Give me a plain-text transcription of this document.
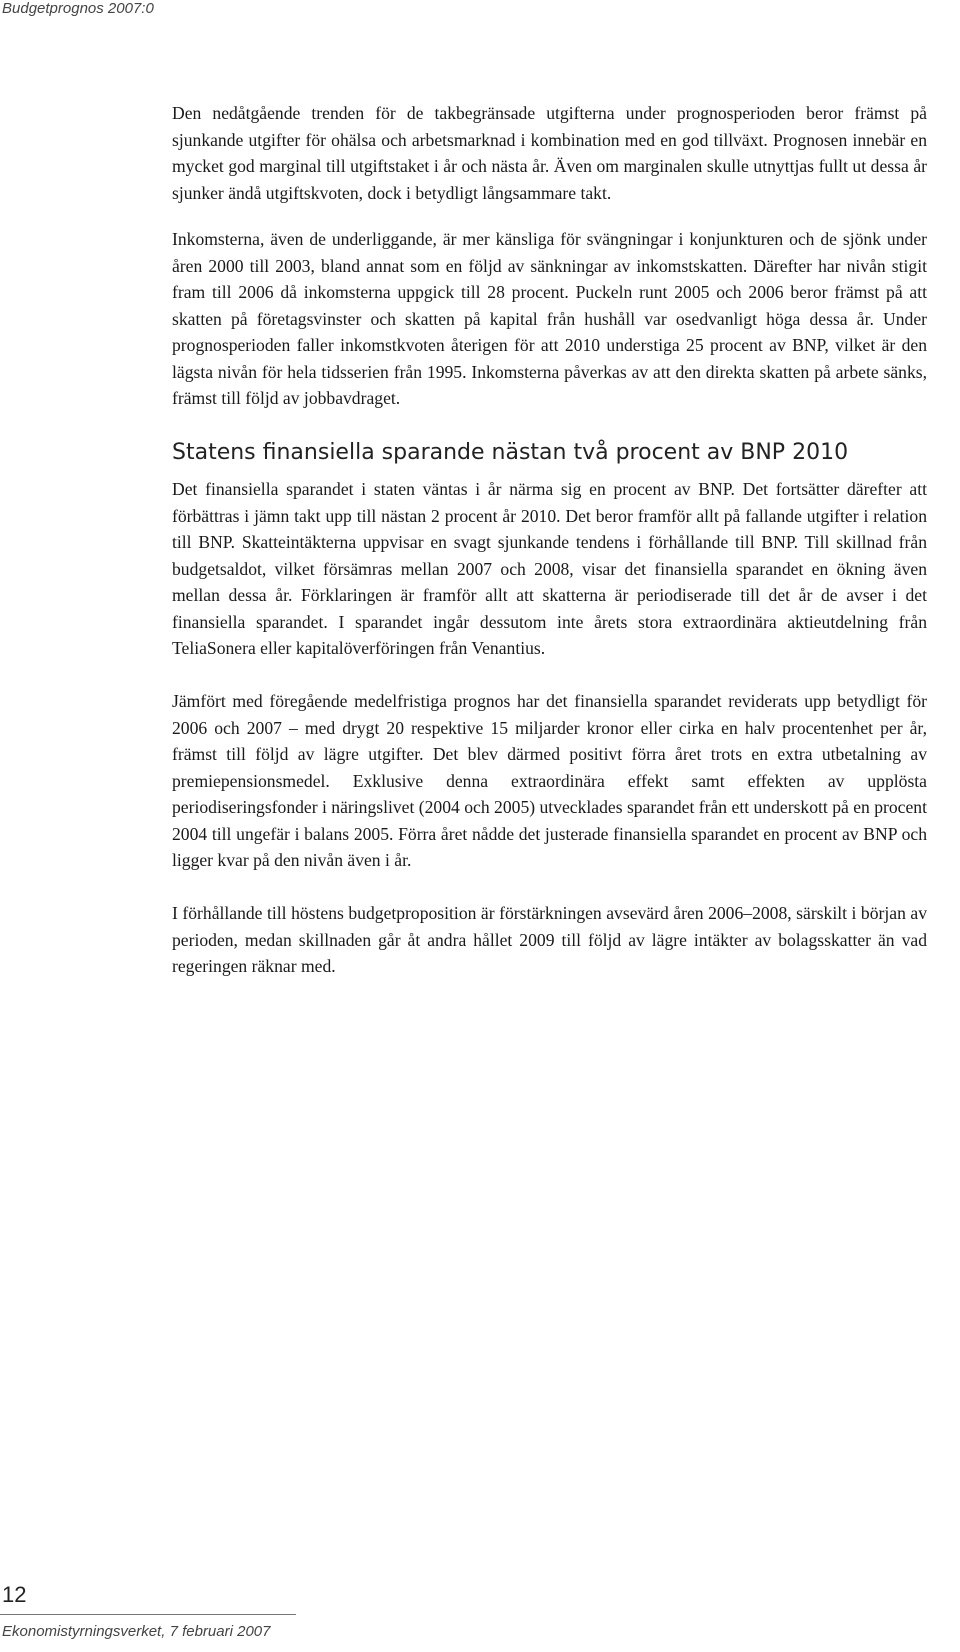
Budgetprognos 2007:0

Den nedåtgående trenden för de takbegränsade utgifterna under prognosperioden beror främst på sjunkande utgifter för ohälsa och arbetsmarknad i kombination med en god tillväxt. Prognosen innebär en mycket god marginal till utgiftstaket i år och nästa år. Även om marginalen skulle utnyttjas fullt ut dessa år sjunker ändå utgiftskvoten, dock i betydligt långsammare takt.

Inkomsterna, även de underliggande, är mer känsliga för svängningar i konjunkturen och de sjönk under åren 2000 till 2003, bland annat som en följd av sänkningar av inkomstskatten. Därefter har nivån stigit fram till 2006 då inkomsterna uppgick till 28 procent. Puckeln runt 2005 och 2006 beror främst på att skatten på företagsvinster och skatten på kapital från hushåll var osedvanligt höga dessa år. Under prognosperioden faller inkomstkvoten återigen för att 2010 understiga 25 procent av BNP, vilket är den lägsta nivån för hela tidsserien från 1995. Inkomsterna påverkas av att den direkta skatten på arbete sänks, främst till följd av jobbavdraget.

Statens finansiella sparande nästan två procent av BNP 2010

Det finansiella sparandet i staten väntas i år närma sig en procent av BNP. Det fortsätter därefter att förbättras i jämn takt upp till nästan 2 procent år 2010. Det beror framför allt på fallande utgifter i relation till BNP. Skatteintäkterna uppvisar en svagt sjunkande tendens i förhållande till BNP. Till skillnad från budgetsaldot, vilket försämras mellan 2007 och 2008, visar det finansiella sparandet en ökning även mellan dessa år. Förklaringen är framför allt att skatterna är periodiserade till det år de avser i det finansiella sparandet. I sparandet ingår dessutom inte årets stora extraordinära aktieutdelning från TeliaSonera eller kapitalöverföringen från Venantius.

Jämfört med föregående medelfristiga prognos har det finansiella sparandet reviderats upp betydligt för 2006 och 2007 – med drygt 20 respektive 15 miljarder kronor eller cirka en halv procentenhet per år, främst till följd av lägre utgifter. Det blev därmed positivt förra året trots en extra utbetalning av premiepensionsmedel. Exklusive denna extraordinära effekt samt effekten av upplösta periodiseringsfonder i näringslivet (2004 och 2005) utvecklades sparandet från ett underskott på en procent 2004 till ungefär i balans 2005. Förra året nådde det justerade finansiella sparandet en procent av BNP och ligger kvar på den nivån även i år.

I förhållande till höstens budgetproposition är förstärkningen avsevärd åren 2006–2008, särskilt i början av perioden, medan skillnaden går åt andra hållet 2009 till följd av lägre intäkter av bolagsskatter än vad regeringen räknar med.

12
Ekonomistyrningsverket, 7 februari 2007
